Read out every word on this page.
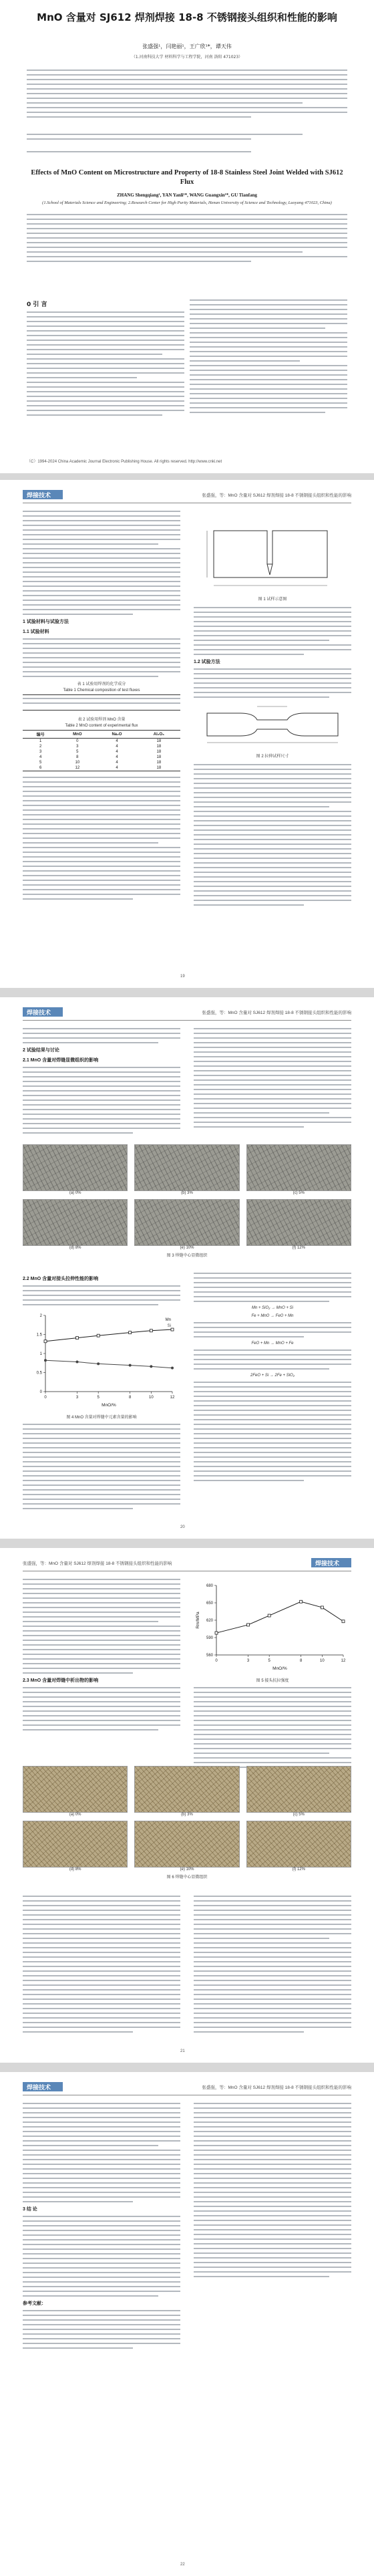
MnO 含量对 SJ612 焊剂焊接 18-8 不锈钢接头组织和性能的影响
张盛强¹，闫艳丽¹，王广欣¹*，谭天伟
（1.河南科技大学 材料科学与工程学院，河南 洛阳 471023）
Effects of MnO Content on Microstructure and Property of 18-8 Stainless Steel Joint Welded with SJ612 Flux
ZHANG Shengqiang¹, YAN Yanli¹*, WANG Guangxin¹*, GU Tianfang
(1.School of Materials Science and Engineering; 2.Research Center for High Purity Materials, Henan University of Science and Technology, Luoyang 471023, China)
0 引 言
（C）1994-2024 China Academic Journal Electronic Publishing House. All rights reserved. http://www.cnki.net
焊接技术	张盛强，等：MnO 含量对 SJ612 焊剂焊接 18-8 不锈钢接头组织和性能的影响
1 试验材料与试验方法
1.1 试验材料
表 1 试验用焊剂的化学成分
Table 1 Chemical composition of test fluxes
表 2 试验用焊剂 MnO 含量
Table 2 MnO content of experimental flux
编号	MnO	Na₂O	Al₂O₃
1	0	4	18
2	3	4	18
3	5	4	18
4	8	4	18
5	10	4	18
6	12	4	18
图 1 试样示意图
1.2 试验方法
图 2 拉伸试样尺寸
19
焊接技术	张盛强，等：MnO 含量对 SJ612 焊剂焊接 18-8 不锈钢接头组织和性能的影响
2 试验结果与讨论
2.1 MnO 含量对焊缝显微组织的影响
(a) 0%	(b) 3%	(c) 5%
(d) 8%	(e) 10%	(f) 12%
图 3 焊缝中心显微组织
2.2 MnO 含量对接头拉伸性能的影响
0	3	5	8	10	12
0
0.5
1
1.5
2
MnO/%
Mn
Si
图 4 MnO 含量对焊缝中元素含量的影响
Mn + SiO₂ → MnO + Si
Fe + MnO → FeO + Mn
FeO + Mn → MnO + Fe
2FeO + Si → 2Fe + SiO₂
20
张盛强，等：MnO 含量对 SJ612 焊剂焊接 18-8 不锈钢接头组织和性能的影响	焊接技术
2.3 MnO 含量对焊缝中析出物的影响
0	3	5	8	10	12
560
590
620
650
680
MnO/%
Rm/MPa
图 5 接头抗拉强度
(a) 0%	(b) 3%	(c) 5%
(d) 8%	(e) 10%	(f) 12%
图 6 焊缝中心显微组织
21
焊接技术	张盛强，等：MnO 含量对 SJ612 焊剂焊接 18-8 不锈钢接头组织和性能的影响
3 结 论
参考文献：
22
